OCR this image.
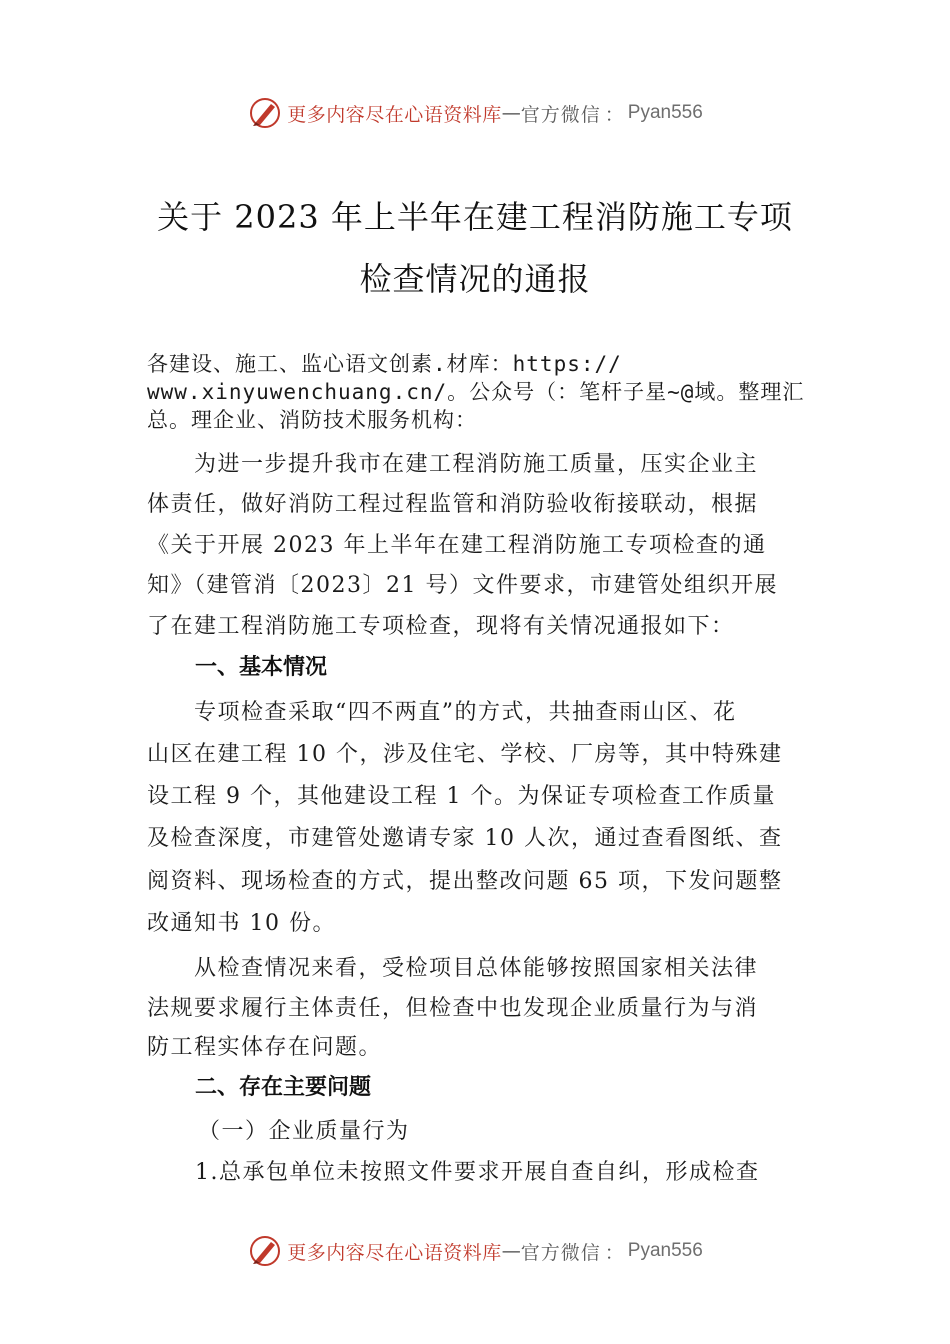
更多内容尽在心语资料库 — 官方微信 ： Pyan556
关于 2023 年上半年在建工程消防施工专项
检查情况的通报

各建设、施工、监心语文创素.材库：https://

www.xinyuwenchuang.cn/。公众号（：笔杆子星~@域。整理汇

总。理企业、消防技术服务机构：

　　为进一步提升我市在建工程消防施工质量，压实企业主
体责任，做好消防工程过程监管和消防验收衔接联动，根据
《关于开展 2023 年上半年在建工程消防施工专项检查的通
知》（建管消〔2023〕21 号）文件要求，市建管处组织开展
了在建工程消防施工专项检查，现将有关情况通报如下：
一、基本情况
　　专项检查采取“四不两直”的方式，共抽查雨山区、花
山区在建工程 10 个，涉及住宅、学校、厂房等，其中特殊建
设工程 9 个，其他建设工程 1 个。为保证专项检查工作质量
及检查深度，市建管处邀请专家 10 人次，通过查看图纸、查
阅资料、现场检查的方式，提出整改问题 65 项，下发问题整
改通知书 10 份。
　　从检查情况来看，受检项目总体能够按照国家相关法律
法规要求履行主体责任，但检查中也发现企业质量行为与消
防工程实体存在问题。
二、存在主要问题
（一）企业质量行为
1.总承包单位未按照文件要求开展自查自纠，形成检查
更多内容尽在心语资料库 — 官方微信 ： Pyan556
